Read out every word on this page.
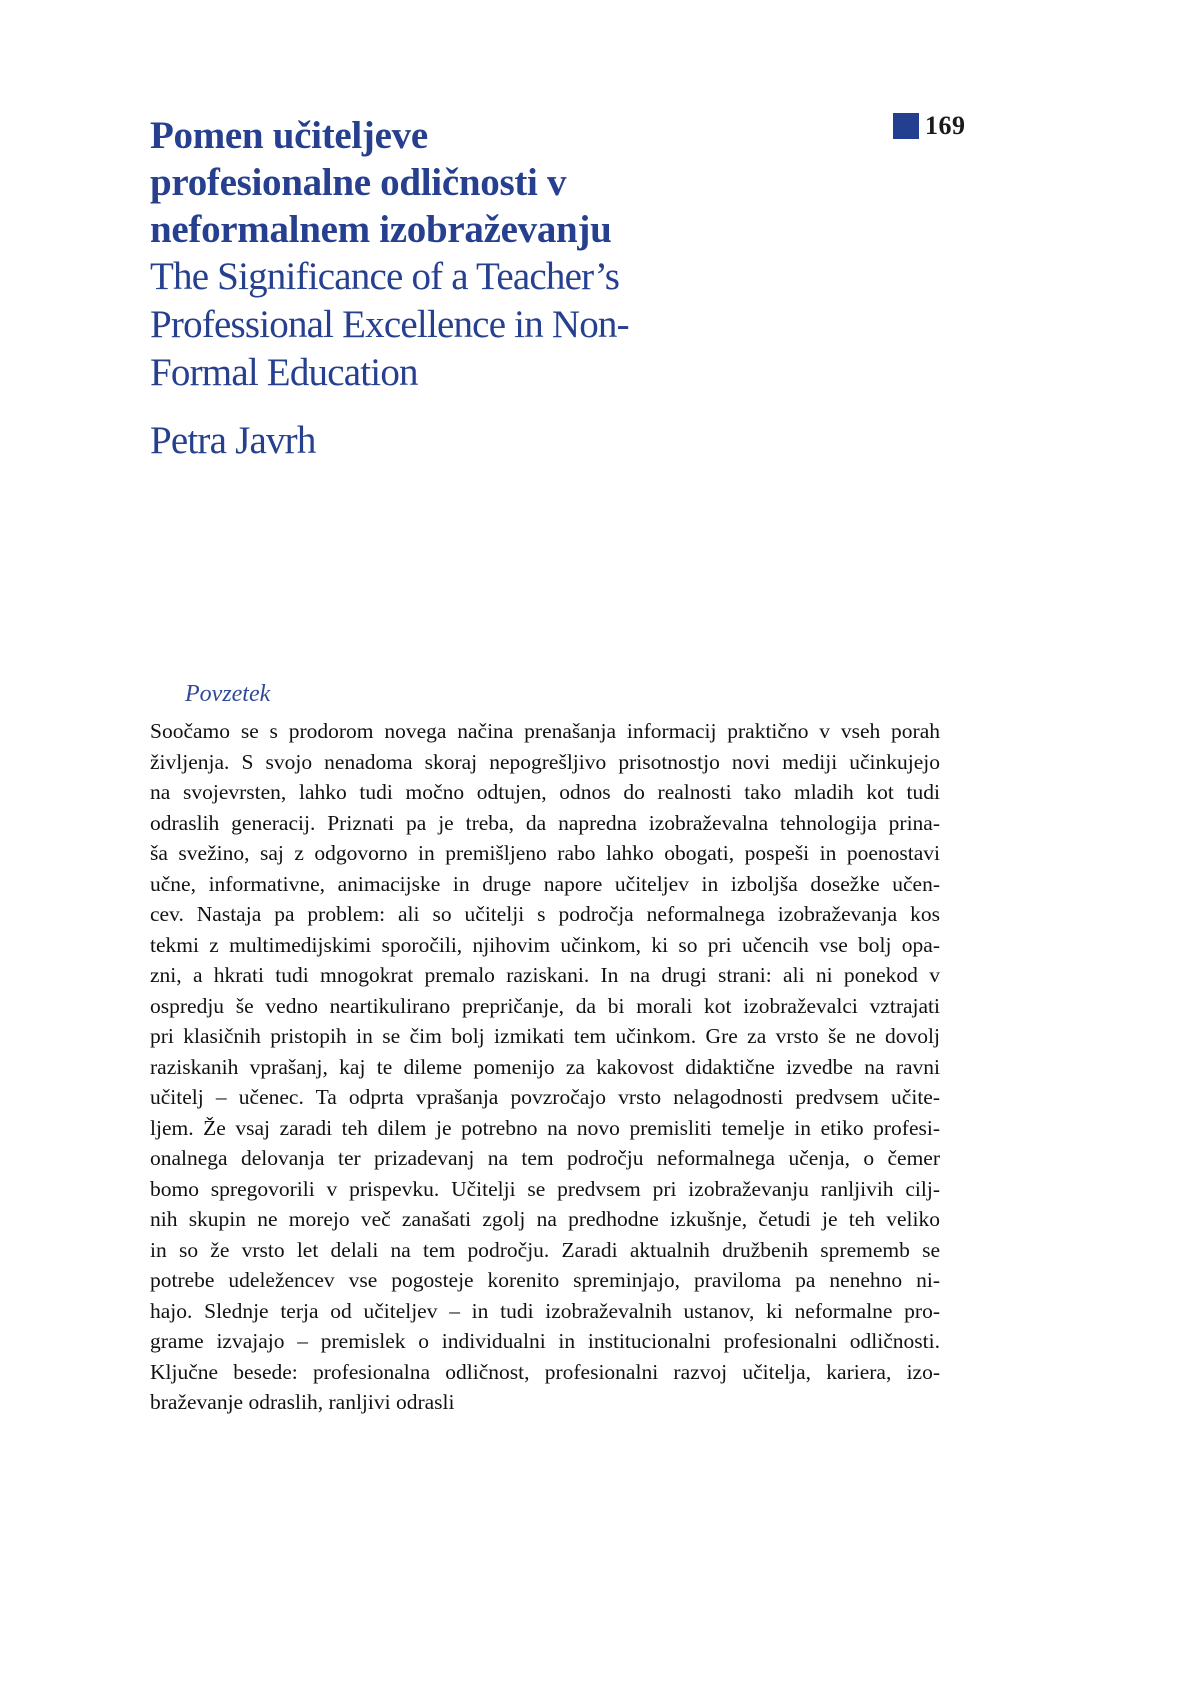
169
Pomen učiteljeve
profesionalne odličnosti v
neformalnem izobraževanju
The Significance of a Teacher’s
Professional Excellence in Non-
Formal Education
Petra Javrh
Povzetek
Soočamo se s prodorom novega načina prenašanja informacij praktično v vseh porah
življenja. S svojo nenadoma skoraj nepogrešljivo prisotnostjo novi mediji učinkujejo
na svojevrsten, lahko tudi močno odtujen, odnos do realnosti tako mladih kot tudi
odraslih generacij. Priznati pa je treba, da napredna izobraževalna tehnologija prina-
ša svežino, saj z odgovorno in premišljeno rabo lahko obogati, pospeši in poenostavi
učne, informativne, animacijske in druge napore učiteljev in izboljša dosežke učen-
cev. Nastaja pa problem: ali so učitelji s področja neformalnega izobraževanja kos
tekmi z multimedijskimi sporočili, njihovim učinkom, ki so pri učencih vse bolj opa-
zni, a hkrati tudi mnogokrat premalo raziskani. In na drugi strani: ali ni ponekod v
ospredju še vedno neartikulirano prepričanje, da bi morali kot izobraževalci vztrajati
pri klasičnih pristopih in se čim bolj izmikati tem učinkom. Gre za vrsto še ne dovolj
raziskanih vprašanj, kaj te dileme pomenijo za kakovost didaktične izvedbe na ravni
učitelj – učenec. Ta odprta vprašanja povzročajo vrsto nelagodnosti predvsem učite-
ljem. Že vsaj zaradi teh dilem je potrebno na novo premisliti temelje in etiko profesi-
onalnega delovanja ter prizadevanj na tem področju neformalnega učenja, o čemer
bomo spregovorili v prispevku. Učitelji se predvsem pri izobraževanju ranljivih cilj-
nih skupin ne morejo več zanašati zgolj na predhodne izkušnje, četudi je teh veliko
in so že vrsto let delali na tem področju. Zaradi aktualnih družbenih sprememb se
potrebe udeležencev vse pogosteje korenito spreminjajo, praviloma pa nenehno ni-
hajo. Slednje terja od učiteljev – in tudi izobraževalnih ustanov, ki neformalne pro-
grame izvajajo – premislek o individualni in institucionalni profesionalni odličnosti.
Ključne besede: profesionalna odličnost, profesionalni razvoj učitelja, kariera, izo-
braževanje odraslih, ranljivi odrasli
